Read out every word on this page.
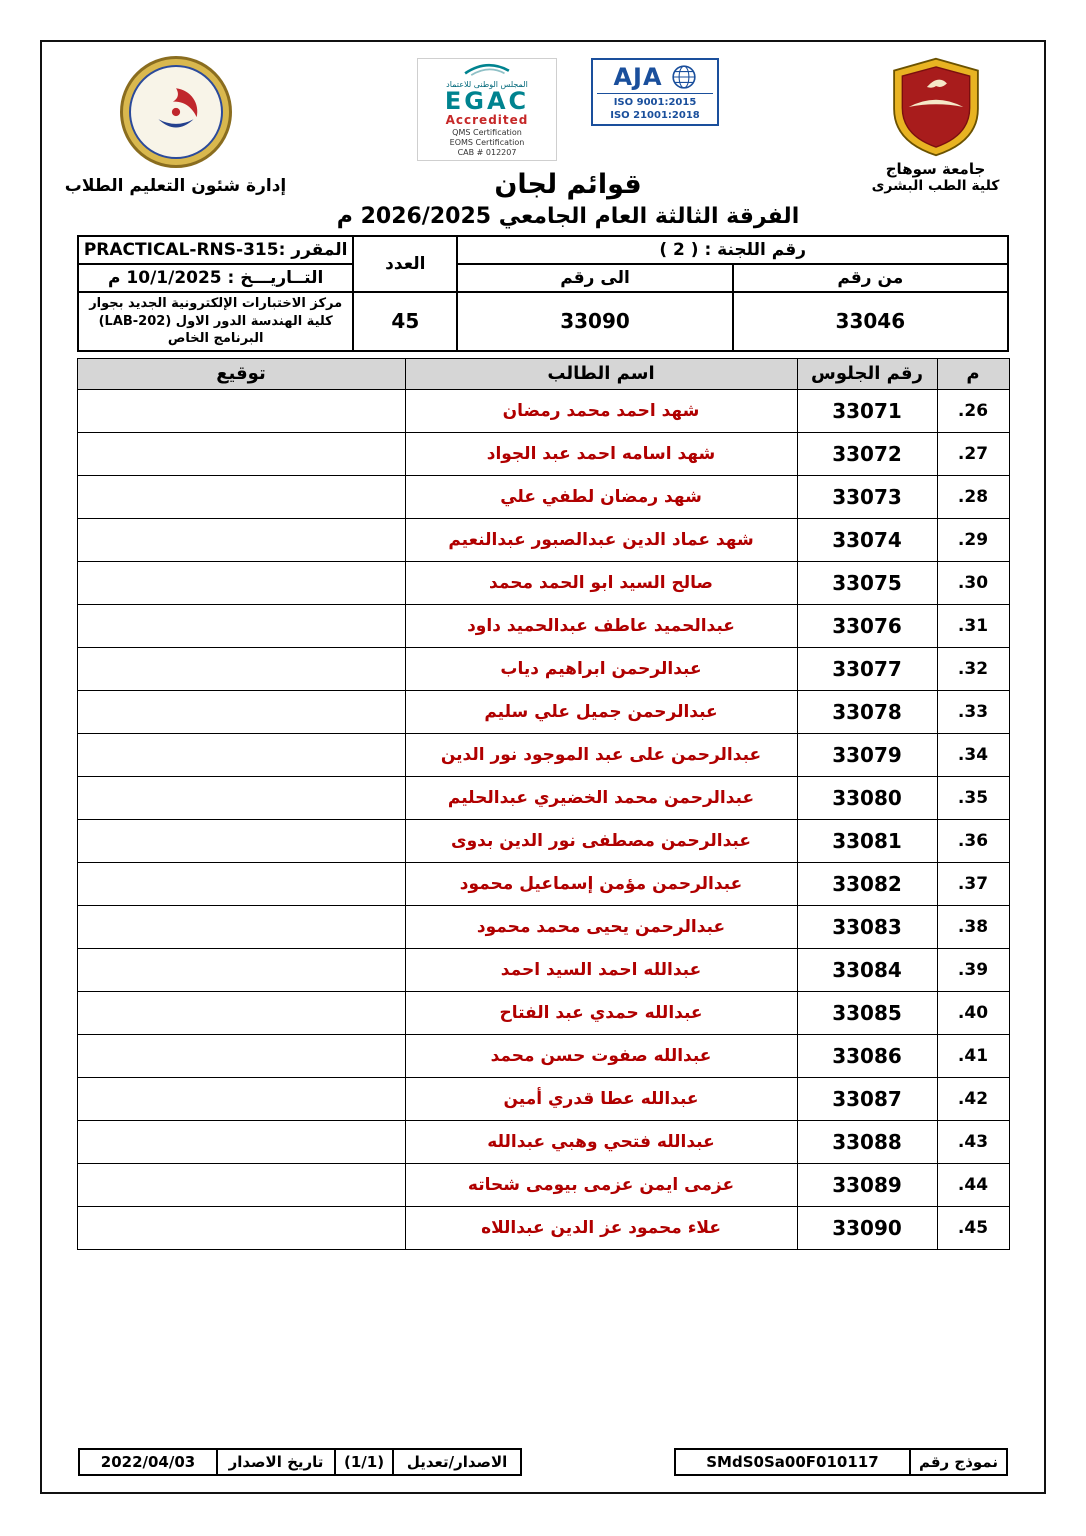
جامعة سوهاج
كلية الطب البشرى
المجلس الوطنى للاعتماد
EGAC
Accredited
QMS Certification
EOMS Certification
CAB # 012207
AJA
ISO 9001:2015
ISO 21001:2018
قوائم لجان
الفرقة الثالثة العام الجامعي 2026/2025 م
إدارة شئون التعليم الطلاب
رقم اللجنة : ( 2 )		العدد	المقرر :PRACTICAL-RNS-315
من رقم	الى رقم		التــاريـــخ : 10/1/2025 م
33046	33090	45	مركز الاختبارات الإلكترونية الجديد بجوار كلية الهندسة الدور الاول (LAB-202)
البرنامج الخاص
م	رقم الجلوس	اسم الطالب	توقيع
26.	33071	شهد احمد محمد رمضان	
27.	33072	شهد اسامه احمد عبد الجواد	
28.	33073	شهد رمضان لطفي علي	
29.	33074	شهد عماد الدين عبدالصبور عبدالنعيم	
30.	33075	صالح السيد ابو الحمد محمد	
31.	33076	عبدالحميد عاطف عبدالحميد داود	
32.	33077	عبدالرحمن ابراهيم دياب	
33.	33078	عبدالرحمن جميل علي سليم	
34.	33079	عبدالرحمن على عبد الموجود نور الدين	
35.	33080	عبدالرحمن محمد الخضيري عبدالحليم	
36.	33081	عبدالرحمن مصطفى نور الدين بدوى	
37.	33082	عبدالرحمن مؤمن إسماعيل محمود	
38.	33083	عبدالرحمن يحيى محمد محمود	
39.	33084	عبدالله احمد السيد احمد	
40.	33085	عبدالله حمدي عبد الفتاح	
41.	33086	عبدالله صفوت حسن محمد	
42.	33087	عبدالله عطا قدري أمين	
43.	33088	عبدالله فتحي وهبي عبدالله	
44.	33089	عزمى ايمن عزمى بيومى شحاته	
45.	33090	علاء محمود عز الدين عبداللاه	
نموذج رقم	SMdS0Sa00F010117
الاصدار/تعديل	(1/1)	تاريخ الاصدار	2022/04/03
